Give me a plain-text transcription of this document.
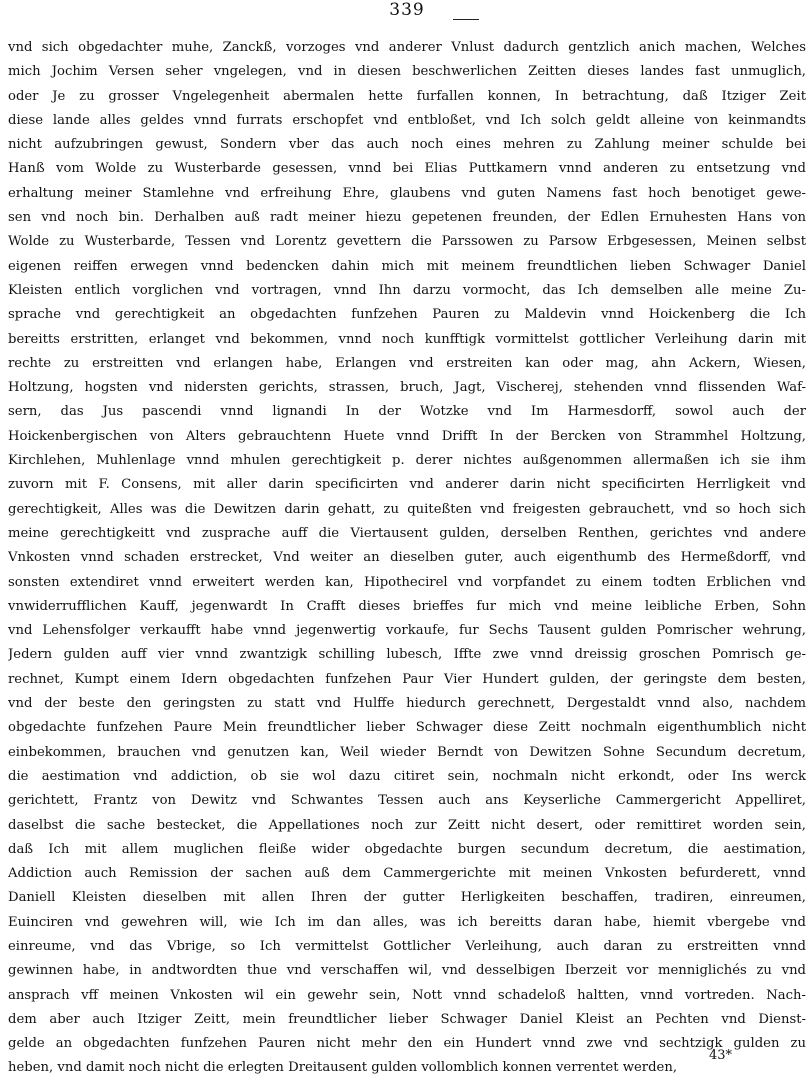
339
vnd sich obgedachter muhe, Zanckß, vorzoges vnd anderer Vnlust dadurch gentzlich anich machen, Welches
mich Jochim Versen seher vngelegen, vnd in diesen beschwerlichen Zeitten dieses landes fast unmuglich,
oder Je zu grosser Vngelegenheit abermalen hette furfallen konnen, In betrachtung, daß Itziger Zeit
diese lande alles geldes vnnd furrats erschopfet vnd entbloßet, vnd Ich solch geldt alleine von keinmandts
nicht aufzubringen gewust, Sondern vber das auch noch eines mehren zu Zahlung meiner schulde bei
Hanß vom Wolde zu Wusterbarde gesessen, vnnd bei Elias Puttkamern vnnd anderen zu entsetzung vnd
erhaltung meiner Stamlehne vnd erfreihung Ehre, glaubens vnd guten Namens fast hoch benotiget gewe-
sen vnd noch bin. Derhalben auß radt meiner hiezu gepetenen freunden, der Edlen Ernuhesten Hans von
Wolde zu Wusterbarde, Tessen vnd Lorentz gevettern die Parssowen zu Parsow Erbgesessen, Meinen selbst
eigenen reiffen erwegen vnnd bedencken dahin mich mit meinem freundtlichen lieben Schwager Daniel
Kleisten entlich vorglichen vnd vortragen, vnnd Ihn darzu vormocht, das Ich demselben alle meine Zu-
sprache vnd gerechtigkeit an obgedachten funfzehen Pauren zu Maldevin vnnd Hoickenberg die Ich
bereitts erstritten, erlanget vnd bekommen, vnnd noch kunfftigk vormittelst gottlicher Verleihung darin mit
rechte zu erstreitten vnd erlangen habe, Erlangen vnd erstreiten kan oder mag, ahn Ackern, Wiesen,
Holtzung, hogsten vnd nidersten gerichts, strassen, bruch, Jagt, Vischerej, stehenden vnnd flissenden Waf-
sern, das Jus pascendi vnnd lignandi In der Wotzke vnd Im Harmesdorff, sowol auch der
Hoickenbergischen von Alters gebrauchtenn Huete vnnd Drifft In der Bercken von Strammhel Holtzung,
Kirchlehen, Muhlenlage vnnd mhulen gerechtigkeit p. derer nichtes außgenommen allermaßen ich sie ihm
zuvorn mit F. Consens, mit aller darin specificirten vnd anderer darin nicht specificirten Herrligkeit vnd
gerechtigkeit, Alles was die Dewitzen darin gehatt, zu quiteßten vnd freigesten gebrauchett, vnd so hoch sich
meine gerechtigkeitt vnd zusprache auff die Viertausent gulden, derselben Renthen, gerichtes vnd andere
Vnkosten vnnd schaden erstrecket, Vnd weiter an dieselben guter, auch eigenthumb des Hermeßdorff, vnd
sonsten extendiret vnnd erweitert werden kan, Hipothecirel vnd vorpfandet zu einem todten Erblichen vnd
vnwiderrufflichen Kauff, jegenwardt In Crafft dieses brieffes fur mich vnd meine leibliche Erben, Sohn
vnd Lehensfolger verkaufft habe vnnd jegenwertig vorkaufe, fur Sechs Tausent gulden Pomrischer wehrung,
Jedern gulden auff vier vnnd zwantzigk schilling lubesch, Iffte zwe vnnd dreissig groschen Pomrisch ge-
rechnet, Kumpt einem Idern obgedachten funfzehen Paur Vier Hundert gulden, der geringste dem besten,
vnd der beste den geringsten zu statt vnd Hulffe hiedurch gerechnett, Dergestaldt vnnd also, nachdem
obgedachte funfzehen Paure Mein freundtlicher lieber Schwager diese Zeitt nochmaln eigenthumblich nicht
einbekommen, brauchen vnd genutzen kan, Weil wieder Berndt von Dewitzen Sohne Secundum decretum,
die aestimation vnd addiction, ob sie wol dazu citiret sein, nochmaln nicht erkondt, oder Ins werck
gerichtett, Frantz von Dewitz vnd Schwantes Tessen auch ans Keyserliche Cammergericht Appelliret,
daselbst die sache bestecket, die Appellationes noch zur Zeitt nicht desert, oder remittiret worden sein,
daß Ich mit allem muglichen fleiße wider obgedachte burgen secundum decretum, die aestimation,
Addiction auch Remission der sachen auß dem Cammergerichte mit meinen Vnkosten befurderett, vnnd
Daniell Kleisten dieselben mit allen Ihren der gutter Herligkeiten beschaffen, tradiren, einreumen,
Euinciren vnd gewehren will, wie Ich im dan alles, was ich bereitts daran habe, hiemit vbergebe vnd
einreume, vnd das Vbrige, so Ich vermittelst Gottlicher Verleihung, auch daran zu erstreitten vnnd
gewinnen habe, in andtwordten thue vnd verschaffen wil, vnd desselbigen Iberzeit vor menniglichés zu vnd
ansprach vff meinen Vnkosten wil ein gewehr sein, Nott vnnd schadeloß haltten, vnnd vortreden. Nach-
dem aber auch Itziger Zeitt, mein freundtlicher lieber Schwager Daniel Kleist an Pechten vnd Dienst-
gelde an obgedachten funfzehen Pauren nicht mehr den ein Hundert vnnd zwe vnd sechtzigk gulden zu
heben, vnd damit noch nicht die erlegten Dreitausent gulden vollomblich konnen verrentet werden,
43*
